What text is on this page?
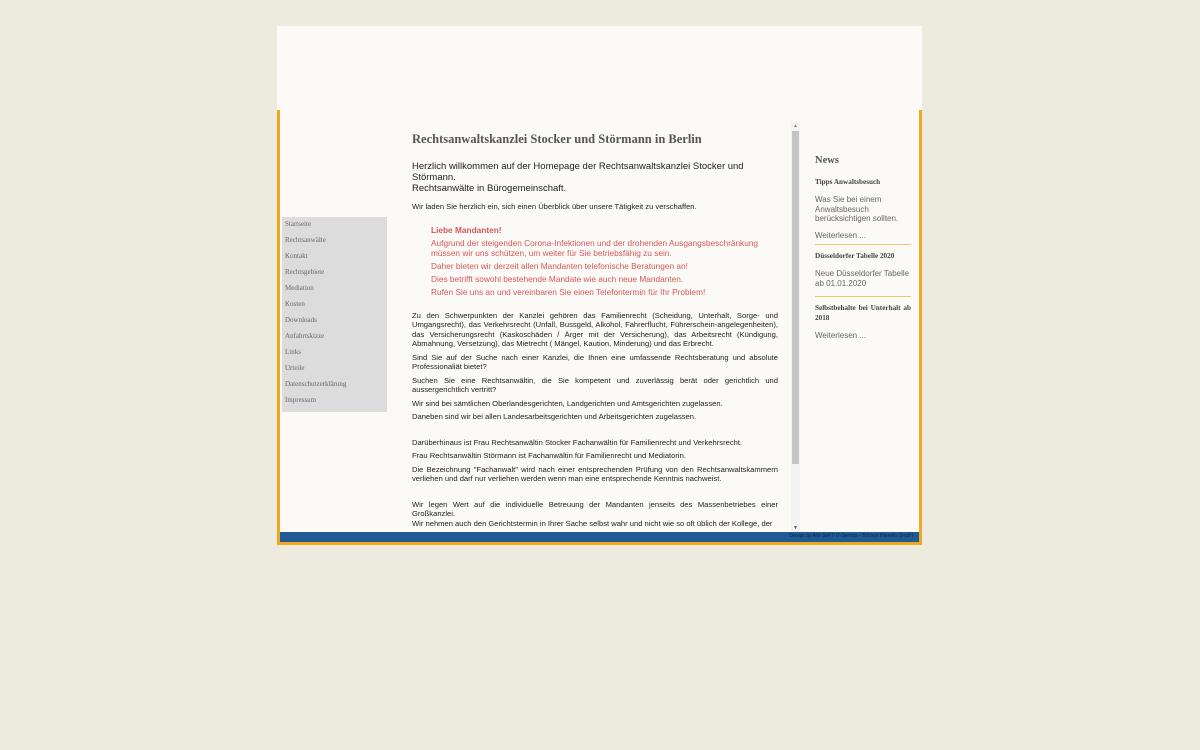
Startseite
Rechtsanwälte
Kontakt
Rechtsgebiete
Mediation
Kosten
Downloads
Anfahrtskizze
Links
Urteile
Datenschutzerklärung
Impressum
Rechtsanwaltskanzlei Stocker und Störmann in Berlin
Herzlich willkommen auf der Homepage der Rechtsanwaltskanzlei Stocker und Störmann.
Rechtsanwälte in Bürogemeinschaft.

Wir laden Sie herzlich ein, sich einen Überblick über unsere Tätigkeit zu verschaffen.

Liebe Mandanten!

Aufgrund der steigenden Corona-Infektionen und der drohenden Ausgangsbeschränkung müssen wir uns schützen, um weiter für Sie betriebsfähig zu sein.

Daher bieten wir derzeit allen Mandanten telefonische Beratungen an!

Dies betrifft sowohl bestehende Mandate wie auch neue Mandanten.

Rufen Sie uns an und vereinbaren Sie einen Telefontermin für Ihr Problem!

Zu den Schwerpunkten der Kanzlei gehören das Familienrecht (Scheidung, Unterhalt, Sorge- und Umgangsrecht), das Verkehrsrecht (Unfall, Bussgeld, Alkohol, Fahrerflucht, Führerschein-angelegenheiten), das Versicherungsrecht (Kaskoschäden / Ärger mit der Versicherung), das Arbeitsrecht (Kündigung, Abmahnung, Versetzung), das Mietrecht ( Mängel, Kaution, Minderung) und das Erbrecht.

Sind Sie auf der Suche nach einer Kanzlei, die Ihnen eine umfassende Rechtsberatung und absolute Professionaliät bietet?

Suchen Sie eine Rechtsanwältin, die Sie kompetent und zuverlässig berät oder gerichtlich und aussergerichtlich vertritt?

Wir sind bei sämtlichen Oberlandesgerichten, Landgerichten und Amtsgerichten zugelassen.

Daneben sind wir bei allen Landesarbeitsgerichten und Arbeitsgerichten zugelassen.

Darüberhinaus ist Frau Rechtsanwältin Stocker Fachanwältin für Familienrecht und Verkehrsrecht.

Frau Rechtsanwältin Störmann ist Fachanwältin für Familienrecht und Mediatorin.

Die Bezeichnung "Fachanwalt" wird nach einer entsprechenden Prüfung von den Rechtsanwaltskammern verliehen und darf nur verliehen werden wenn man eine entsprechende Kenntnis nachweist.

Wir legen Wert auf die individuelle Betreuung der Mandanten jenseits des Massenbetriebes einer Großkanzlei.

Wir nehmen auch den Gerichtstermin in Ihrer Sache selbst wahr und nicht wie so oft üblich der Kollege, der

▲
▼
News
Tipps Anwaltsbesuch
Was Sie bei einem Anwaltsbesuch berücksichtigen sollten.
Weiterlesen ...
Düsseldorfer Tabelle 2020
Neue Düsseldorfer Tabelle ab 01.01.2020
Selbstbehalte bei Unterhalt ab 2018
Weiterlesen ...
Design by AM-SoFT IT-Service - Bilstein Hameln GmbH
